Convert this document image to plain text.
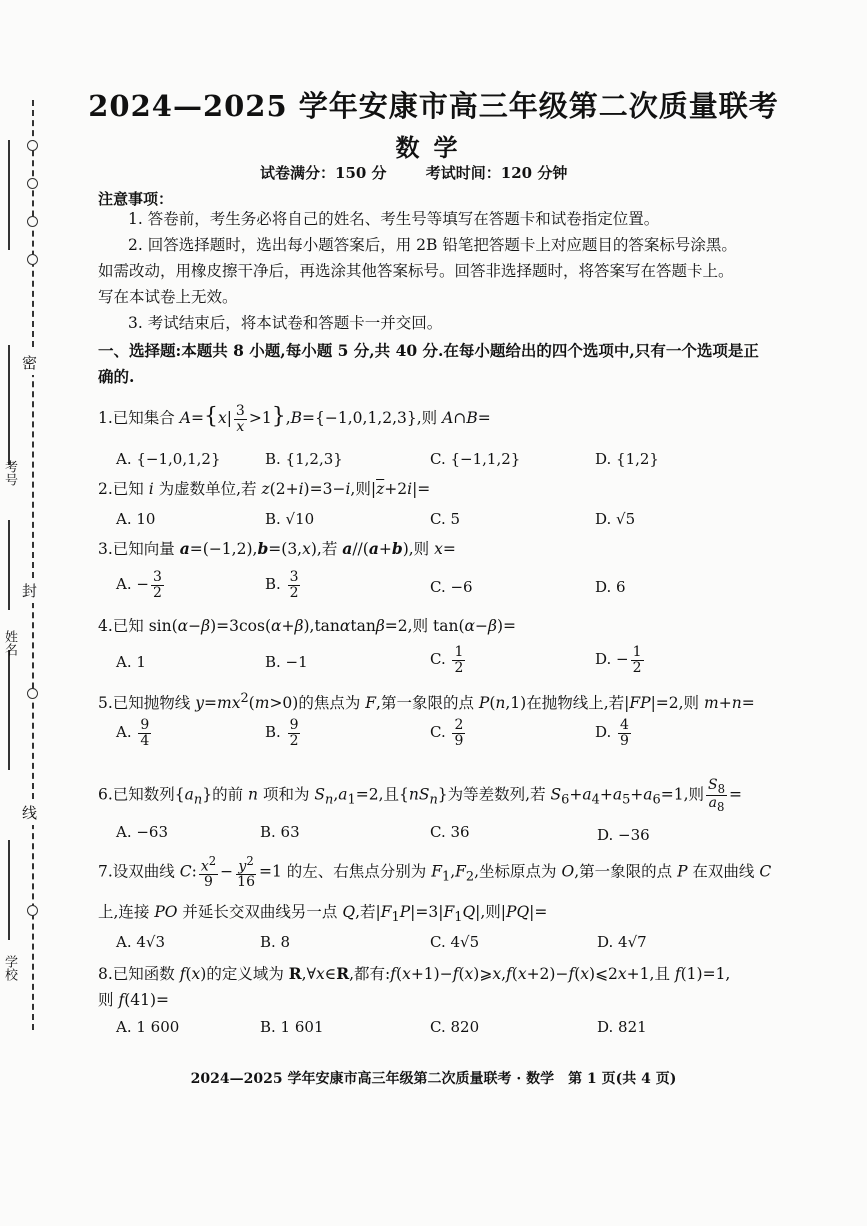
密
封
线
考号
姓名
学校
2024—2025 学年安康市高三年级第二次质量联考
数学
试卷满分：150 分	考试时间：120 分钟
注意事项：
1. 答卷前，考生务必将自己的姓名、考生号等填写在答题卡和试卷指定位置。
2. 回答选择题时，选出每小题答案后，用 2B 铅笔把答题卡上对应题目的答案标号涂黑。
如需改动，用橡皮擦干净后，再选涂其他答案标号。回答非选择题时，将答案写在答题卡上。
写在本试卷上无效。
3. 考试结束后，将本试卷和答题卡一并交回。
一、选择题:本题共 8 小题,每小题 5 分,共 40 分.在每小题给出的四个选项中,只有一个选项是正
确的.
1.已知集合 $A=\{x| \frac{3}{x} >1\},B=\{-1,0,1,2,3\}$,则 A∩B=
A. {−1,0,1,2}	B. {1,2,3}	C. {−1,1,2}	D. {1,2}
2.已知 i 为虚数单位,若 z(2+i)=3−i,则$|\overline{z}+2i|=$
A. 10	B. √10	C. 5	D. √5
3.已知向量 a=(−1,2),b=(3,x),若 a//(a+b),则 x=
A. − $\frac{3}{2}$	B. $\frac{3}{2}$	C. −6	D. 6
4.已知 sin(α−β)=3cos(α+β),tanαtanβ=2,则 tan(α−β)=
A. 1	B. −1	C. $\frac{1}{2}$	D. − $\frac{1}{2}$
5.已知抛物线 $y=mx^2(m>0)$的焦点为 F,第一象限的点 P(n,1)在抛物线上,若|FP|=2,则 m+n=
A. $\frac{9}{4}$	B. $\frac{9}{2}$	C. $\frac{2}{9}$	D. $\frac{4}{9}$
6.已知数列$\{a_n\}$的前 n 项和为 $S_n,a_1=2$,且$\{nS_n\}$为等差数列,若 $S_6+a_4+a_5+a_6=1$,则 $\frac{S_8}{a_8}$ =
A. −63	B. 63	C. 36	D. −36
7.设双曲线 C: $\frac{x^2}{9} - \frac{y^2}{16} =1$ 的左、右焦点分别为 $F_1,F_2$,坐标原点为 O,第一象限的点 P 在双曲线 C
上,连接 PO 并延长交双曲线另一点 Q,若$|F_1P|=3|F_1Q|$,则|PQ|=
A. 4√3	B. 8	C. 4√5	D. 4√7
8.已知函数 f(x)的定义域为 R,∀x∈R,都有:f(x+1)−f(x)⩾x,f(x+2)−f(x)⩽2x+1,且 f(1)=1,
则 f(41)=
A. 1 600	B. 1 601	C. 820	D. 821
2024—2025 学年安康市高三年级第二次质量联考 · 数学　第 1 页(共 4 页)
